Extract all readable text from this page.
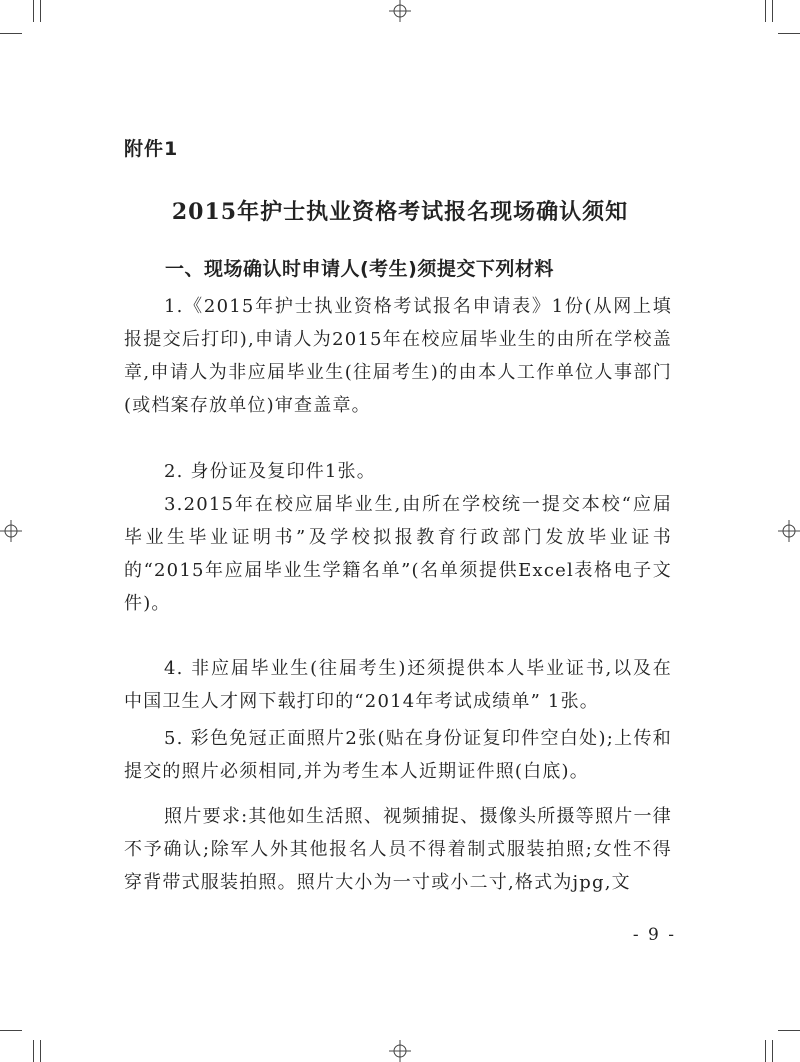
附件1
2015年护士执业资格考试报名现场确认须知
一、现场确认时申请人(考生)须提交下列材料
1.《2015年护士执业资格考试报名申请表》1份(从网上填报提交后打印),申请人为2015年在校应届毕业生的由所在学校盖章,申请人为非应届毕业生(往届考生)的由本人工作单位人事部门(或档案存放单位)审查盖章。
2. 身份证及复印件1张。
3.2015年在校应届毕业生,由所在学校统一提交本校“应届毕业生毕业证明书”及学校拟报教育行政部门发放毕业证书的“2015年应届毕业生学籍名单”(名单须提供Excel表格电子文件)。
4. 非应届毕业生(往届考生)还须提供本人毕业证书,以及在中国卫生人才网下载打印的“2014年考试成绩单” 1张。
5. 彩色免冠正面照片2张(贴在身份证复印件空白处);上传和提交的照片必须相同,并为考生本人近期证件照(白底)。
照片要求:其他如生活照、视频捕捉、摄像头所摄等照片一律不予确认;除军人外其他报名人员不得着制式服装拍照;女性不得穿背带式服装拍照。照片大小为一寸或小二寸,格式为jpg,文
- 9 -
